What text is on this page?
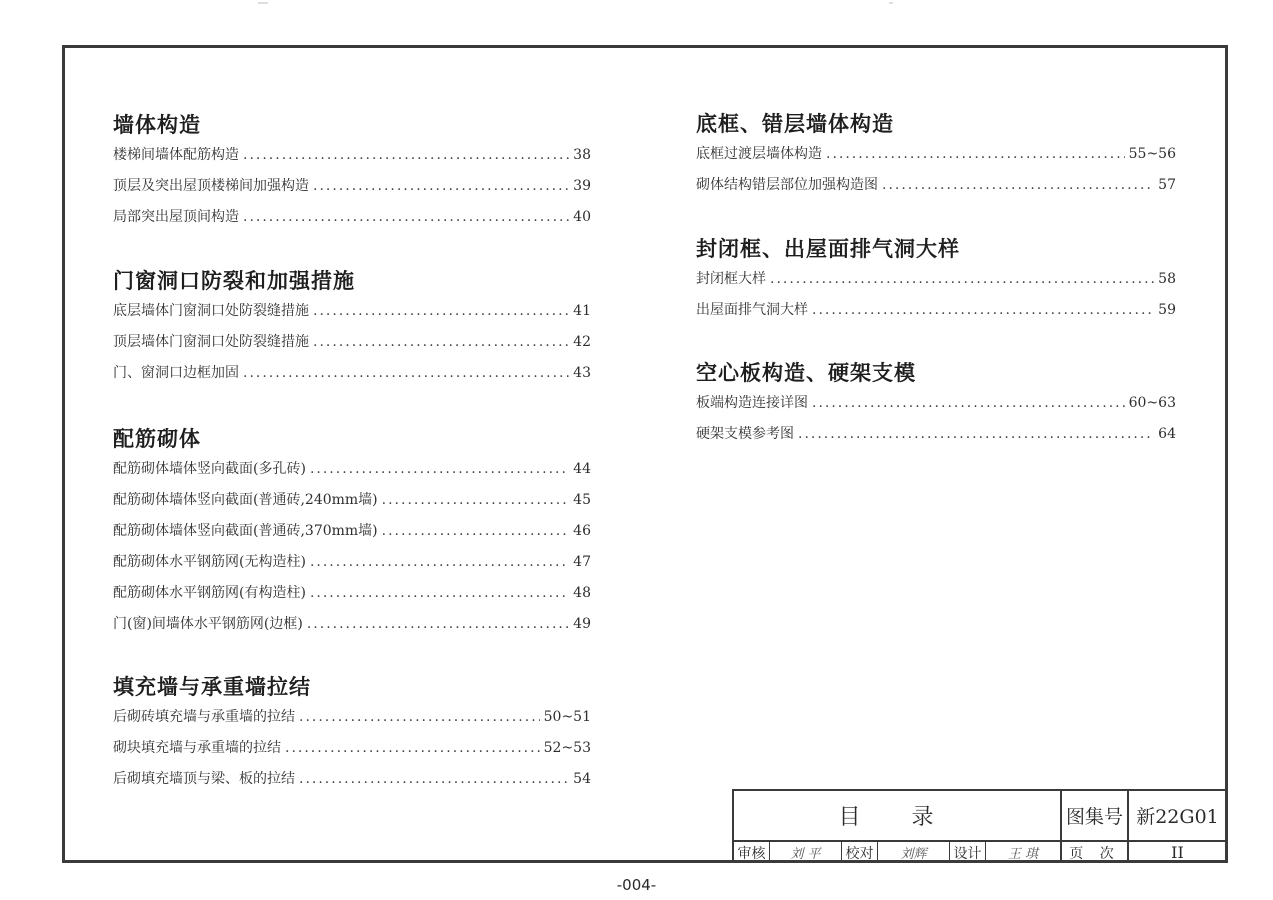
墙体构造
楼梯间墙体配筋构造 .....	38
顶层及突出屋顶楼梯间加强构造 .....	39
局部突出屋顶间构造 .....	40
门窗洞口防裂和加强措施
底层墙体门窗洞口处防裂缝措施 .....	41
顶层墙体门窗洞口处防裂缝措施 .....	42
门、窗洞口边框加固 .....	43
配筋砌体
配筋砌体墙体竖向截面(多孔砖) .....	44
配筋砌体墙体竖向截面(普通砖,240mm墙) .....	45
配筋砌体墙体竖向截面(普通砖,370mm墙) .....	46
配筋砌体水平钢筋网(无构造柱) .....	47
配筋砌体水平钢筋网(有构造柱) .....	48
门(窗)间墙体水平钢筋网(边框) .....	49
填充墙与承重墙拉结
后砌砖填充墙与承重墙的拉结 .....	50~51
砌块填充墙与承重墙的拉结 .....	52~53
后砌填充墙顶与梁、板的拉结 .....	54
底框、错层墙体构造
底框过渡层墙体构造 .....	55~56
砌体结构错层部位加强构造图 .....	57
封闭框、出屋面排气洞大样
封闭框大样 .....	58
出屋面排气洞大样 .....	59
空心板构造、硬架支模
板端构造连接详图 .....	60~63
硬架支模参考图 .....	64
目 录	图集号 新22G01
审核	刘 平	校对	刘辉	设计	王 琪	页 次	II
-004-
